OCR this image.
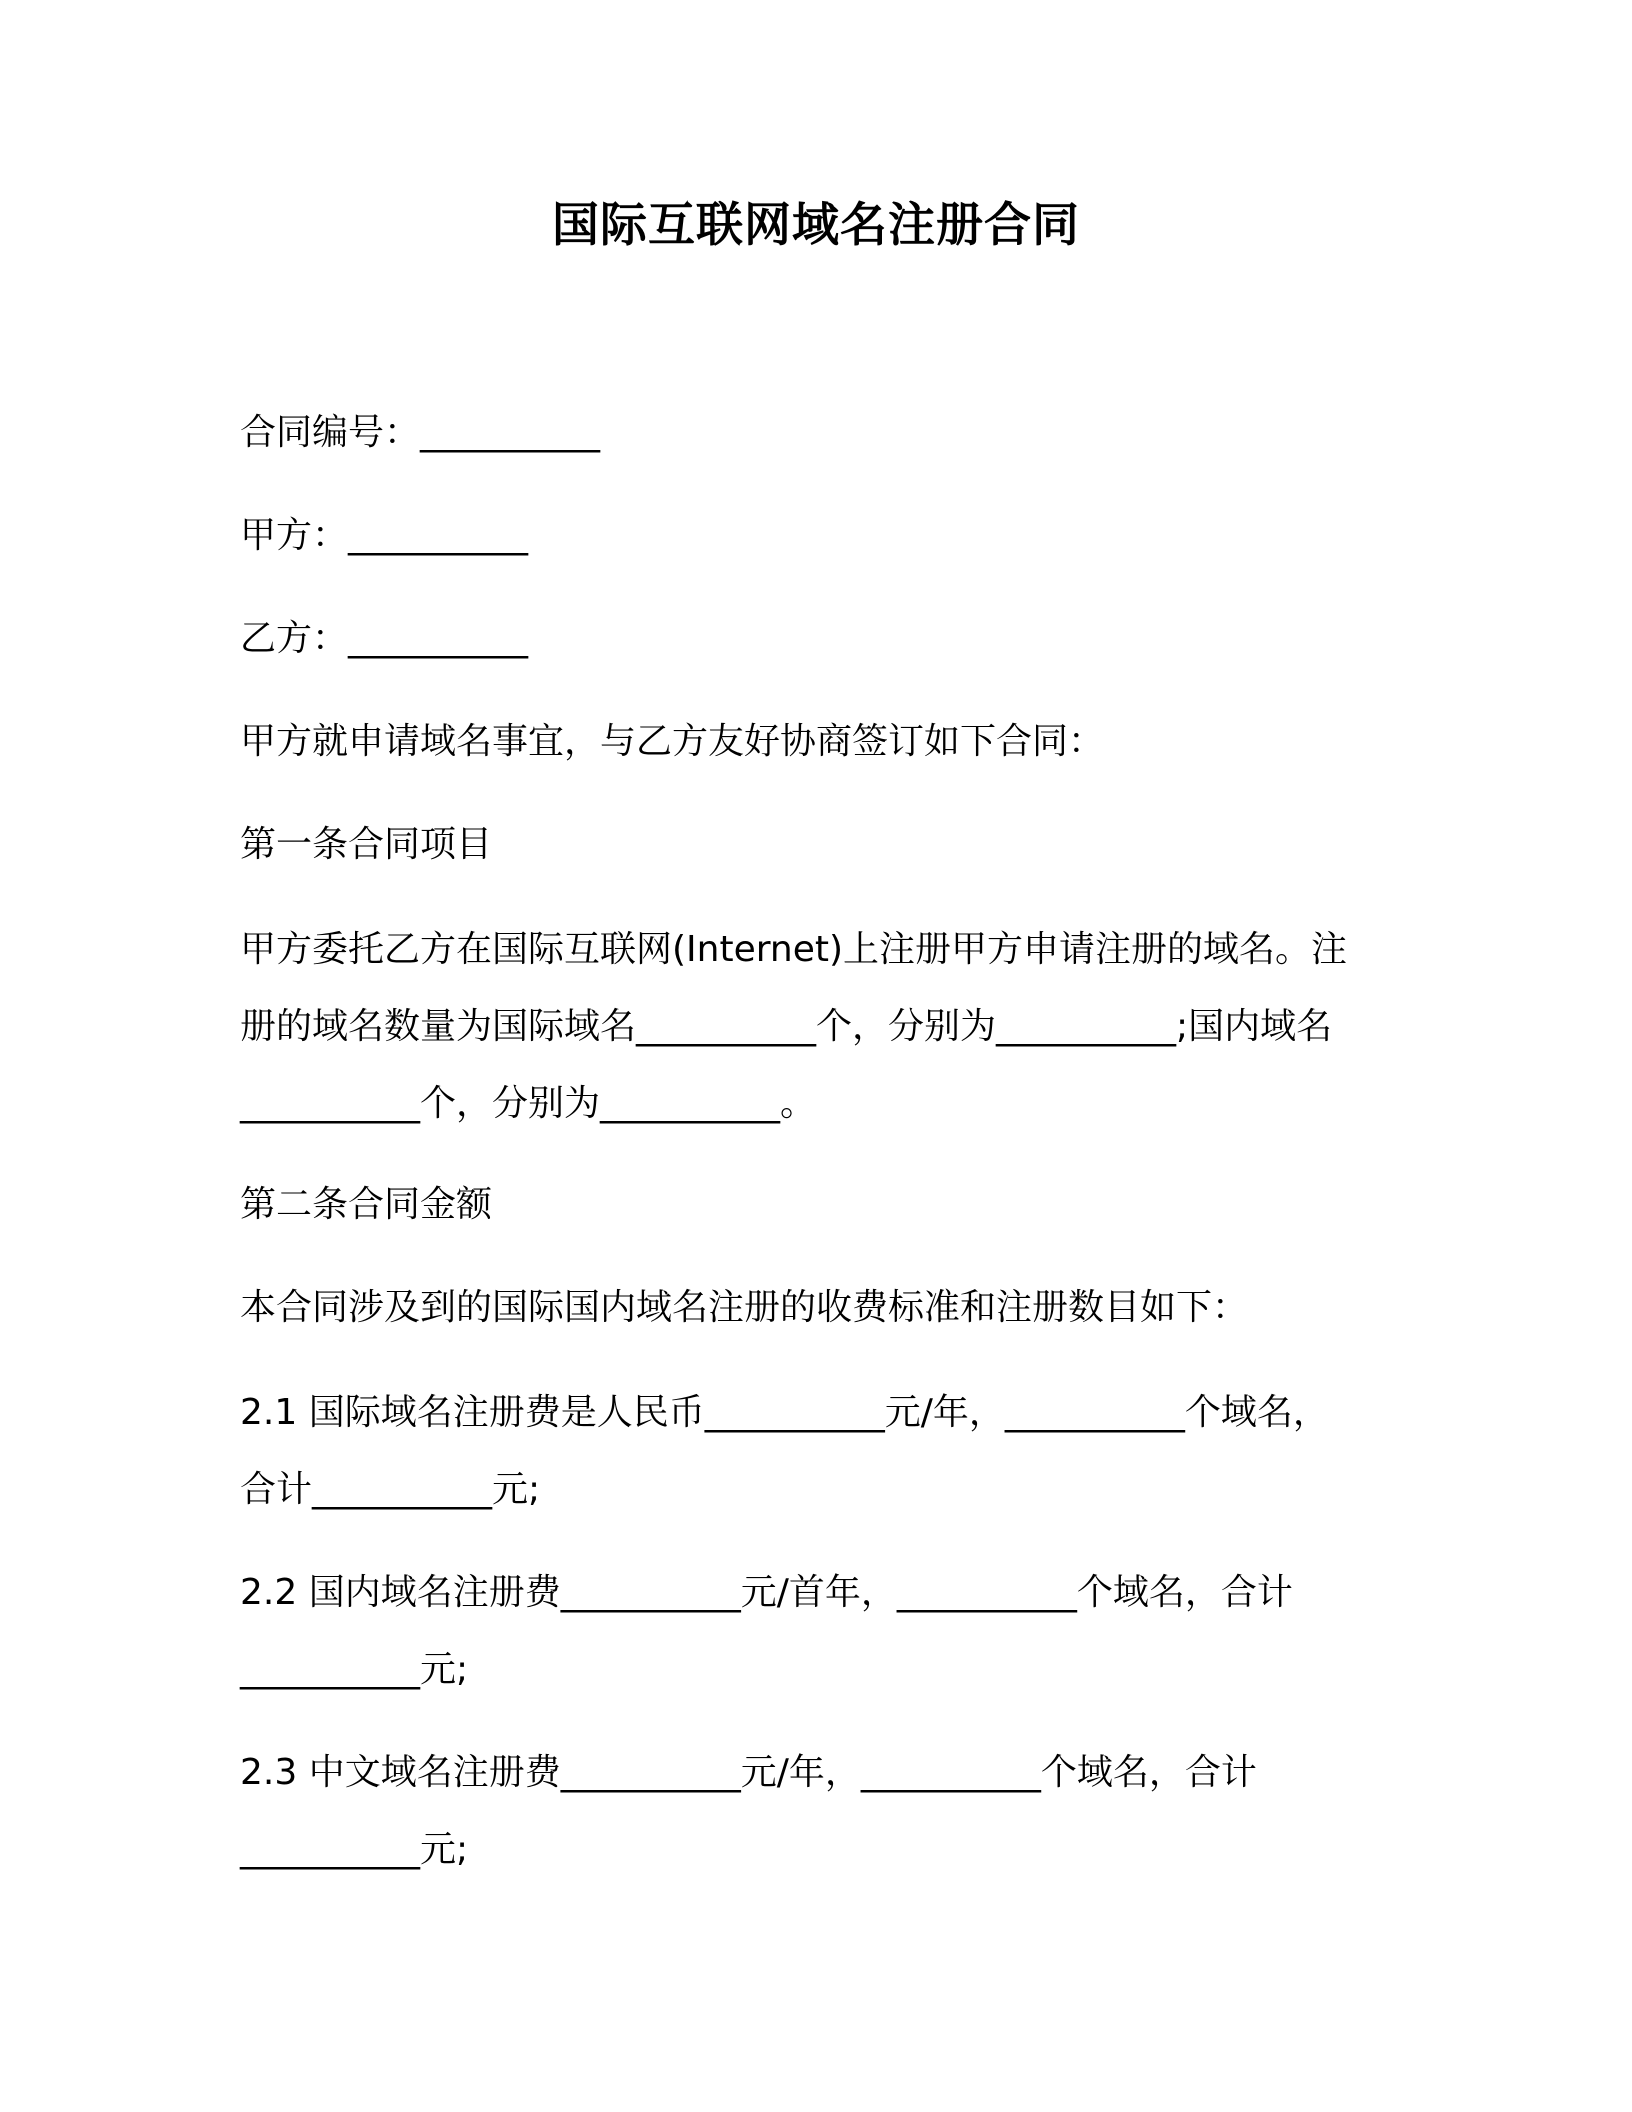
国际互联网域名注册合同
合同编号：__________
甲方：__________
乙方：__________
甲方就申请域名事宜，与乙方友好协商签订如下合同：
第一条合同项目
甲方委托乙方在国际互联网(Internet)上注册甲方申请注册的域名。注
册的域名数量为国际域名__________个，分别为__________;国内域名
__________个，分别为__________。
第二条合同金额
本合同涉及到的国际国内域名注册的收费标准和注册数目如下：
2.1 国际域名注册费是人民币__________元/年，__________个域名，
合计__________元;
2.2 国内域名注册费__________元/首年，__________个域名，合计
__________元;
2.3 中文域名注册费__________元/年，__________个域名，合计
__________元;
